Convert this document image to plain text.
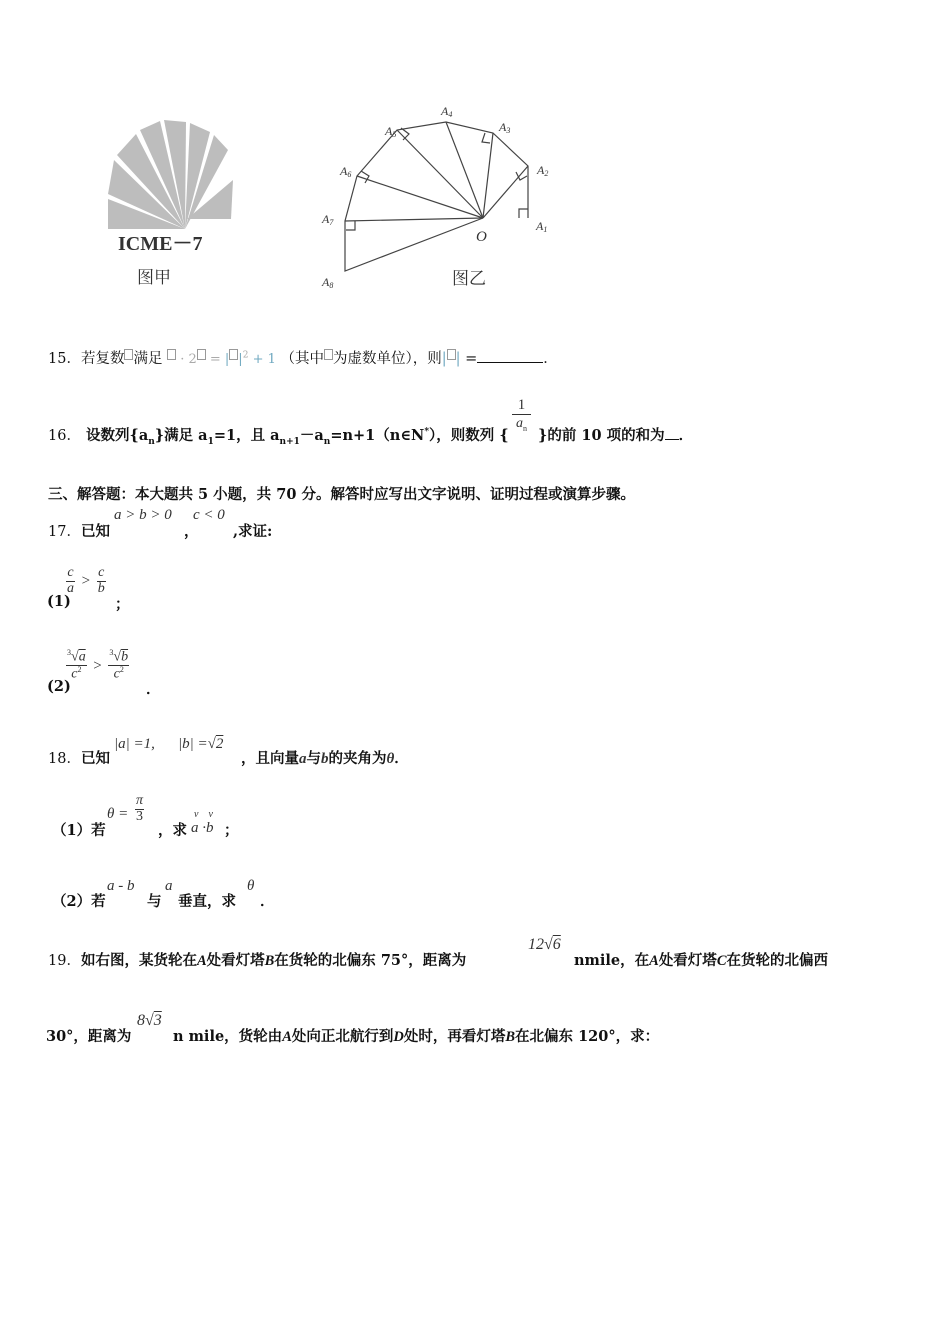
ICME－7
图甲
O
A1
A2
A3
A4
A5
A6
A7
A8	图乙
15．若复数 满足  · 2 = | $|^2 + 1$ （其中 为虚数单位），则| | =	．
16． 设数列$\{a_n\}$满足 $a_1=1$，且 $a_{n+1}-a_n=n+1(n\in N^*)$，则数列 {
$\frac{1}{a_n}$
}的前 10 项的和为 ．
三、解答题：本大题共 5 小题，共 70 分。解答时应写出文字说明、证明过程或演算步骤。
17．已知
a > b > 0
，
c < 0
,求证:
(1)
$\frac{c}{a} > \frac{c}{b}$
；
(2)
$\frac{^3√a}{c^2} > \frac{^3√b}{c^2}$
．
18．已知
|a| =1, |b| =√2
，且向量a与b的夹角为θ．
（1）若
$\theta = \frac{\pi}{3}$
，求
v v
a ·b ；
（2）若
a - b
与
a
垂直，求
θ
．
19．如右图，某货轮在A处看灯塔B在货轮的北偏东 75°，距离为
12√6
nmile，在A处看灯塔C在货轮的北偏西
30°，距离为
8√3
n mile，货轮由A处向正北航行到D处时，再看灯塔B在北偏东 120°，求：
